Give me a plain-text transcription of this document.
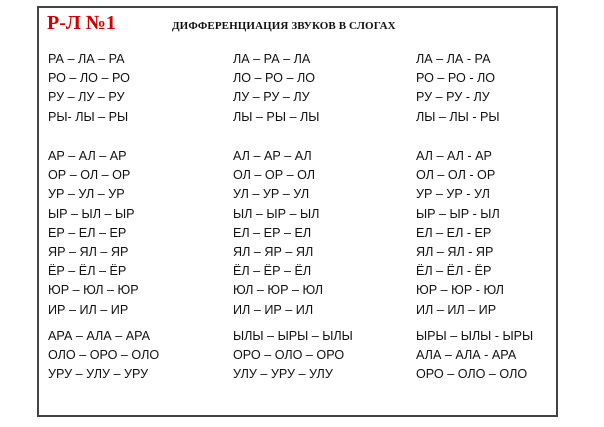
Р-Л №1	ДИФФЕРЕНЦИАЦИЯ ЗВУКОВ В СЛОГАХ
РА – ЛА – РА
РО – ЛО – РО
РУ – ЛУ – РУ
РЫ- ЛЫ – РЫ
ЛА – РА – ЛА
ЛО – РО – ЛО
ЛУ – РУ – ЛУ
ЛЫ – РЫ – ЛЫ
ЛА – ЛА - РА
РО – РО - ЛО
РУ – РУ - ЛУ
ЛЫ – ЛЫ - РЫ
АР – АЛ – АР
ОР – ОЛ – ОР
УР – УЛ – УР
ЫР – ЫЛ – ЫР
ЕР – ЕЛ – ЕР
ЯР – ЯЛ – ЯР
ЁР – ЁЛ – ЁР
ЮР – ЮЛ – ЮР
ИР – ИЛ – ИР
АЛ – АР – АЛ
ОЛ – ОР – ОЛ
УЛ – УР – УЛ
ЫЛ – ЫР – ЫЛ
ЕЛ – ЕР – ЕЛ
ЯЛ – ЯР – ЯЛ
ЁЛ – ЁР – ЁЛ
ЮЛ – ЮР – ЮЛ
ИЛ – ИР – ИЛ
АЛ – АЛ - АР
ОЛ – ОЛ - ОР
УР – УР - УЛ
ЫР – ЫР - ЫЛ
ЕЛ – ЕЛ - ЕР
ЯЛ – ЯЛ - ЯР
ЁЛ – ЁЛ - ЁР
ЮР – ЮР - ЮЛ
ИЛ – ИЛ – ИР
АРА – АЛА – АРА
ОЛО – ОРО – ОЛО
УРУ – УЛУ – УРУ
ЫЛЫ – ЫРЫ – ЫЛЫ
ОРО – ОЛО – ОРО
УЛУ – УРУ – УЛУ
ЫРЫ – ЫЛЫ - ЫРЫ
АЛА – АЛА - АРА
ОРО – ОЛО – ОЛО
